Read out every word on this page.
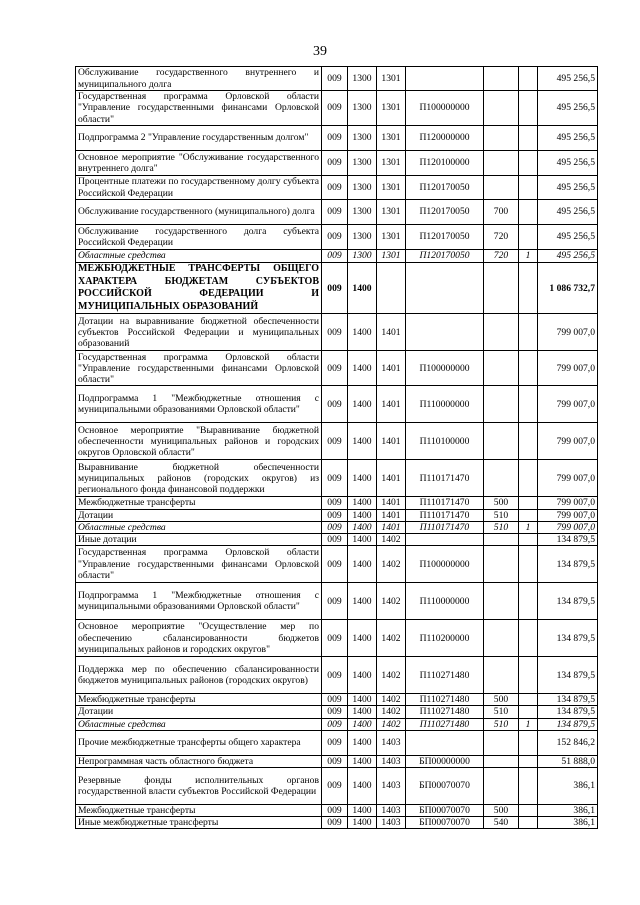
39
Обслуживание государственного внутреннего и муниципального долга	009	1300	1301				495 256,5
Государственная программа Орловской области "Управление государственными финансами Орловской области"	009	1300	1301	П100000000			495 256,5
Подпрограмма 2 "Управление государственным долгом"	009	1300	1301	П120000000			495 256,5
Основное мероприятие "Обслуживание государственного внутреннего долга"	009	1300	1301	П120100000			495 256,5
Процентные платежи по государственному долгу субъекта Российской Федерации	009	1300	1301	П120170050			495 256,5
Обслуживание государственного (муниципального) долга	009	1300	1301	П120170050	700		495 256,5
Обслуживание государственного долга субъекта Российской Федерации	009	1300	1301	П120170050	720		495 256,5
Областные средства	009	1300	1301	П120170050	720	1	495 256,5
МЕЖБЮДЖЕТНЫЕ ТРАНСФЕРТЫ ОБЩЕГО ХАРАКТЕРА БЮДЖЕТАМ СУБЪЕКТОВ РОССИЙСКОЙ ФЕДЕРАЦИИ И МУНИЦИПАЛЬНЫХ ОБРАЗОВАНИЙ	009	1400					1 086 732,7
Дотации на выравнивание бюджетной обеспеченности субъектов Российской Федерации и муниципальных образований	009	1400	1401				799 007,0
Государственная программа Орловской области "Управление государственными финансами Орловской области"	009	1400	1401	П100000000			799 007,0
Подпрограмма 1 "Межбюджетные отношения с муниципальными образованиями Орловской области"	009	1400	1401	П110000000			799 007,0
Основное мероприятие "Выравнивание бюджетной обеспеченности муниципальных районов и городских округов Орловской области"	009	1400	1401	П110100000			799 007,0
Выравнивание бюджетной обеспеченности муниципальных районов (городских округов) из регионального фонда финансовой поддержки	009	1400	1401	П110171470			799 007,0
Межбюджетные трансферты	009	1400	1401	П110171470	500		799 007,0
Дотации	009	1400	1401	П110171470	510		799 007,0
Областные средства	009	1400	1401	П110171470	510	1	799 007,0
Иные дотации	009	1400	1402				134 879,5
Государственная программа Орловской области "Управление государственными финансами Орловской области"	009	1400	1402	П100000000			134 879,5
Подпрограмма 1 "Межбюджетные отношения с муниципальными образованиями Орловской области"	009	1400	1402	П110000000			134 879,5
Основное мероприятие "Осуществление мер по обеспечению сбалансированности бюджетов муниципальных районов и городских округов"	009	1400	1402	П110200000			134 879,5
Поддержка мер по обеспечению сбалансированности бюджетов муниципальных районов (городских округов)	009	1400	1402	П110271480			134 879,5
Межбюджетные трансферты	009	1400	1402	П110271480	500		134 879,5
Дотации	009	1400	1402	П110271480	510		134 879,5
Областные средства	009	1400	1402	П110271480	510	1	134 879,5
Прочие межбюджетные трансферты общего характера	009	1400	1403				152 846,2
Непрограммная часть областного бюджета	009	1400	1403	БП00000000			51 888,0
Резервные фонды исполнительных органов государственной власти субъектов Российской Федерации	009	1400	1403	БП00070070			386,1
Межбюджетные трансферты	009	1400	1403	БП00070070	500		386,1
Иные межбюджетные трансферты	009	1400	1403	БП00070070	540		386,1
